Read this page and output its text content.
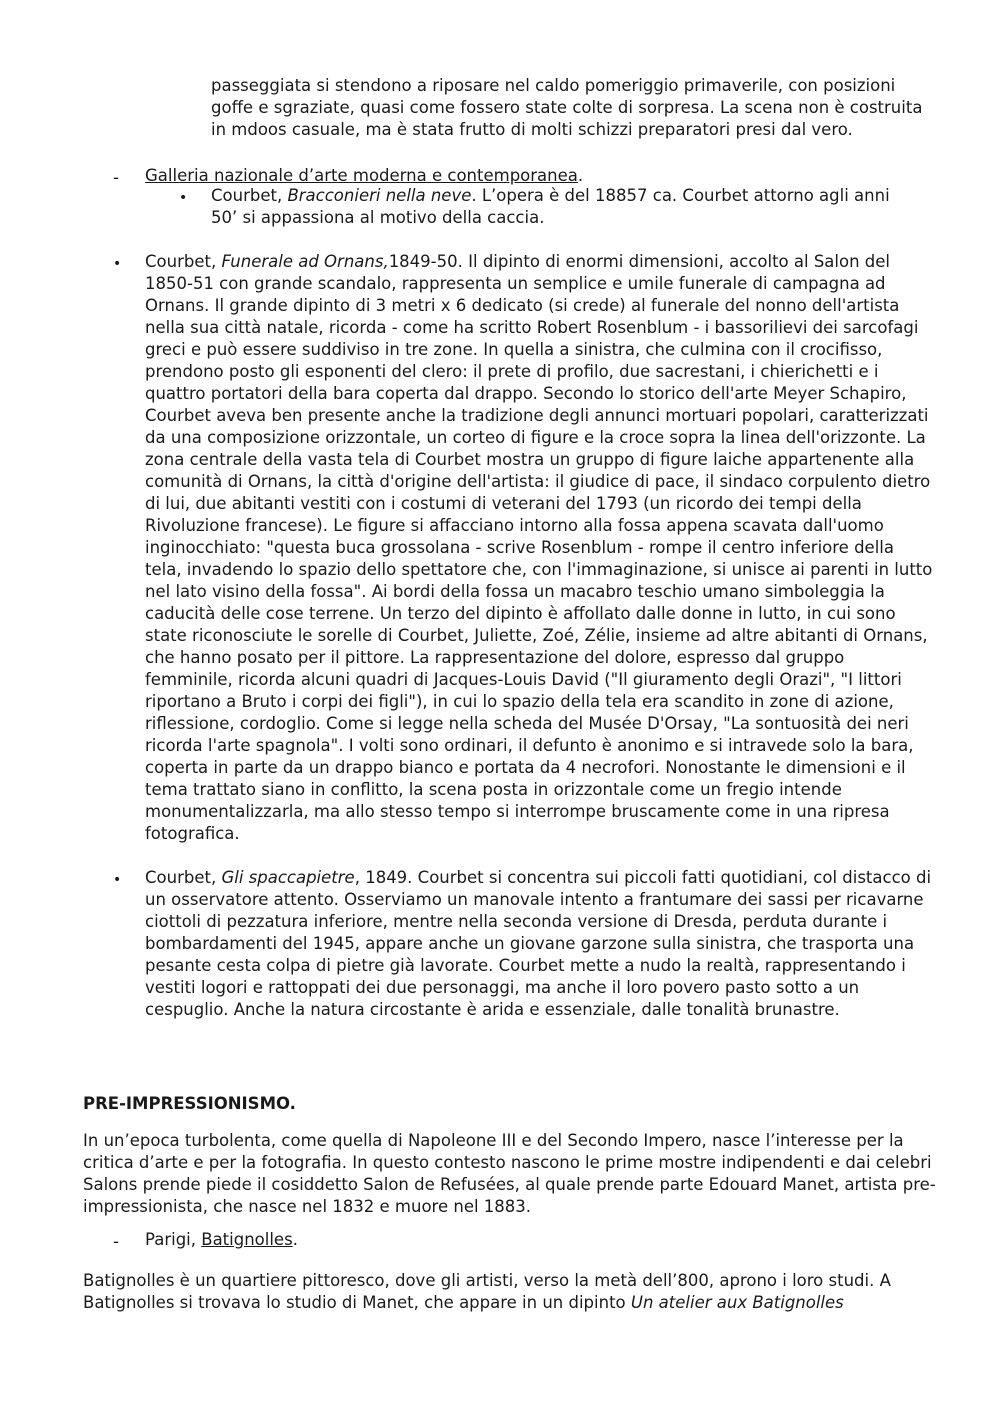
passeggiata si stendono a riposare nel caldo pomeriggio primaverile, con posizioni goffe e sgraziate, quasi come fossero state colte di sorpresa. La scena non è costruita in mdoos casuale, ma è stata frutto di molti schizzi preparatori presi dal vero.

-	Galleria nazionale d’arte moderna e contemporanea.

• Courbet, Bracconieri nella neve. L’opera è del 18857 ca. Courbet attorno agli anni 50’ si appassiona al motivo della caccia.

• Courbet, Funerale ad Ornans,1849-50. Il dipinto di enormi dimensioni, accolto al Salon del 1850-51 con grande scandalo, rappresenta un semplice e umile funerale di campagna ad Ornans. Il grande dipinto di 3 metri x 6 dedicato (si crede) al funerale del nonno dell'artista nella sua città natale, ricorda - come ha scritto Robert Rosenblum - i bassorilievi dei sarcofagi greci e può essere suddiviso in tre zone. In quella a sinistra, che culmina con il crocifisso, prendono posto gli esponenti del clero: il prete di profilo, due sacrestani, i chierichetti e i quattro portatori della bara coperta dal drappo. Secondo lo storico dell'arte Meyer Schapiro, Courbet aveva ben presente anche la tradizione degli annunci mortuari popolari, caratterizzati da una composizione orizzontale, un corteo di figure e la croce sopra la linea dell'orizzonte. La zona centrale della vasta tela di Courbet mostra un gruppo di figure laiche appartenente alla comunità di Ornans, la città d'origine dell'artista: il giudice di pace, il sindaco corpulento dietro di lui, due abitanti vestiti con i costumi di veterani del 1793 (un ricordo dei tempi della Rivoluzione francese). Le figure si affacciano intorno alla fossa appena scavata dall'uomo inginocchiato: "questa buca grossolana - scrive Rosenblum - rompe il centro inferiore della tela, invadendo lo spazio dello spettatore che, con l'immaginazione, si unisce ai parenti in lutto nel lato visino della fossa". Ai bordi della fossa un macabro teschio umano simboleggia la caducità delle cose terrene. Un terzo del dipinto è affollato dalle donne in lutto, in cui sono state riconosciute le sorelle di Courbet, Juliette, Zoé, Zélie, insieme ad altre abitanti di Ornans, che hanno posato per il pittore. La rappresentazione del dolore, espresso dal gruppo femminile, ricorda alcuni quadri di Jacques-Louis David ("Il giuramento degli Orazi", "I littori riportano a Bruto i corpi dei figli"), in cui lo spazio della tela era scandito in zone di azione, riflessione, cordoglio. Come si legge nella scheda del Musée D'Orsay, "La sontuosità dei neri ricorda l'arte spagnola". I volti sono ordinari, il defunto è anonimo e si intravede solo la bara, coperta in parte da un drappo bianco e portata da 4 necrofori. Nonostante le dimensioni e il tema trattato siano in conflitto, la scena posta in orizzontale come un fregio intende monumentalizzarla, ma allo stesso tempo si interrompe bruscamente come in una ripresa fotografica.

• Courbet, Gli spaccapietre, 1849. Courbet si concentra sui piccoli fatti quotidiani, col distacco di un osservatore attento. Osserviamo un manovale intento a frantumare dei sassi per ricavarne ciottoli di pezzatura inferiore, mentre nella seconda versione di Dresda, perduta durante i bombardamenti del 1945, appare anche un giovane garzone sulla sinistra, che trasporta una pesante cesta colpa di pietre già lavorate. Courbet mette a nudo la realtà, rappresentando i vestiti logori e rattoppati dei due personaggi, ma anche il loro povero pasto sotto a un cespuglio. Anche la natura circostante è arida e essenziale, dalle tonalità brunastre.

PRE-IMPRESSIONISMO.

In un’epoca turbolenta, come quella di Napoleone III e del Secondo Impero, nasce l’interesse per la critica d’arte e per la fotografia. In questo contesto nascono le prime mostre indipendenti e dai celebri Salons prende piede il cosiddetto Salon de Refusées, al quale prende parte Edouard Manet, artista pre-impressionista, che nasce nel 1832 e muore nel 1883.

-	Parigi, Batignolles.

Batignolles è un quartiere pittoresco, dove gli artisti, verso la metà dell’800, aprono i loro studi. A Batignolles si trovava lo studio di Manet, che appare in un dipinto Un atelier aux Batignolles
